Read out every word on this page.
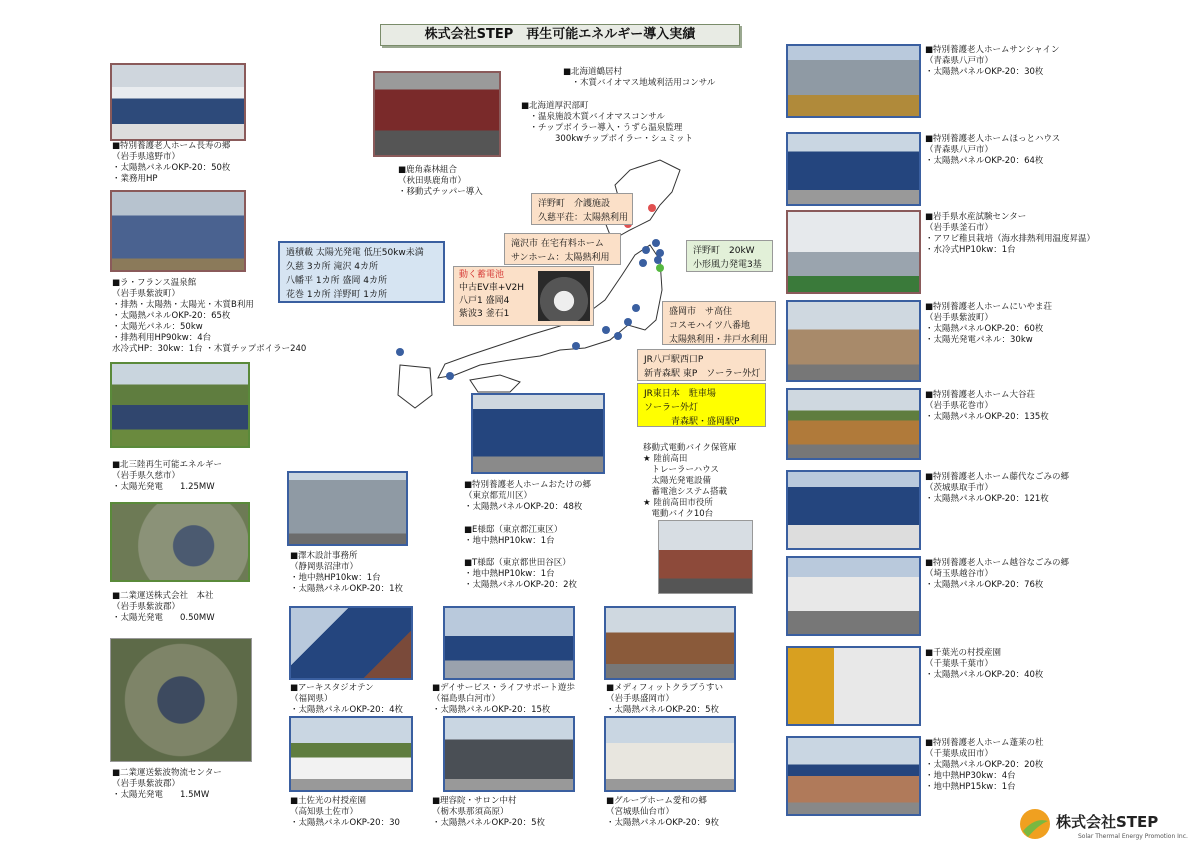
株式会社STEP　再生可能エネルギー導入実績
■特別養護老人ホーム長寿の郷
（岩手県遠野市）
・太陽熱パネルOKP-20：50枚
・業務用HP
■ラ・フランス温泉館
（岩手県紫波町）
・排熱・太陽熱・太陽光・木質B利用
・太陽熱パネルOKP-20：65枚
・太陽光パネル：50kw
・排熱利用HP90kw：4台
水冷式HP：30kw：1台 ・木質チップボイラー240
■北三陸再生可能エネルギー
（岩手県久慈市）
・太陽光発電　　1.25MW
■二業運送株式会社　本社
（岩手県紫波郡）
・太陽光発電　　0.50MW
■二業運送紫波物流センター
（岩手県紫波郡）
・太陽光発電　　1.5MW
■鹿角森林組合
（秋田県鹿角市）
・移動式チッパー導入
■北海道鶴居村
　・木質バイオマス地域利活用コンサル
■北海道厚沢部町
　・温泉施設木質バイオマスコンサル
　・チップボイラー導入・うずら温泉監理
　　　　300kwチップボイラー・シュミット
過積載 太陽光発電 低圧50kw未満
久慈 3カ所 滝沢 4カ所
八幡平 1カ所 盛岡 4カ所
花巻 1カ所 洋野町 1カ所
洋野町　介護施設
久慈平荘：太陽熱利用
滝沢市 在宅有料ホーム
サンホーム：太陽熱利用
洋野町　20kW
小形風力発電3基
動く蓄電池
中古EV車+V2H
八戸1 盛岡4
紫波3 釜石1	盛岡市　サ高住
コスモハイツ八番地
太陽熱利用・井戸水利用
JR八戸駅西口P
新青森駅 東P　ソーラー外灯
JR東日本　駐車場
ソーラー外灯
　　　青森駅・盛岡駅P
■特別養護老人ホームおたけの郷
（東京都荒川区）
・太陽熱パネルOKP-20：48枚
■E様邸（東京都江東区）
・地中熱HP10kw：1台
■T様邸（東京都世田谷区）
・地中熱HP10kw：1台
・太陽熱パネルOKP-20：2枚
■澤木設計事務所
（静岡県沼津市）
・地中熱HP10kw：1台
・太陽熱パネルOKP-20：1枚
移動式電動バイク保管庫
★ 陸前高田
　トレーラーハウス
　太陽光発電設備
　蓄電池システム搭載
★ 陸前高田市役所
　電動バイク10台
■アーキスタジオテン
（福岡県）
・太陽熱パネルOKP-20：4枚
■デイサービス・ライフサポート遊歩
（福島県白河市）
・太陽熱パネルOKP-20：15枚
■メディフィットクラブうすい
（岩手県盛岡市）
・太陽熱パネルOKP-20：5枚
■土佐光の村授産園
（高知県土佐市）
・太陽熱パネルOKP-20：30
■理容院・サロン中村
（栃木県那須高原）
・太陽熱パネルOKP-20：5枚
■グループホーム愛和の郷
（宮城県仙台市）
・太陽熱パネルOKP-20：9枚
■特別養護老人ホームサンシャイン
（青森県八戸市）
・太陽熱パネルOKP-20：30枚
■特別養護老人ホームほっとハウス
（青森県八戸市）
・太陽熱パネルOKP-20：64枚
■岩手県水産試験センター
（岩手県釜石市）
・アワビ稚貝栽培（海水排熱利用温度昇温）
・水冷式HP10kw：1台
■特別養護老人ホームにいやま荘
（岩手県紫波町）
・太陽熱パネルOKP-20：60枚
・太陽光発電パネル：30kw
■特別養護老人ホーム大谷荘
（岩手県花巻市）
・太陽熱パネルOKP-20：135枚
■特別養護老人ホーム藤代なごみの郷
（茨城県取手市）
・太陽熱パネルOKP-20：121枚
■特別養護老人ホーム越谷なごみの郷
（埼玉県越谷市）
・太陽熱パネルOKP-20：76枚
■千葉光の村授産園
（千葉県千葉市）
・太陽熱パネルOKP-20：40枚
■特別養護老人ホーム蓬莱の杜
（千葉県成田市）
・太陽熱パネルOKP-20：20枚
・地中熱HP30kw：4台
・地中熱HP15kw：1台
株式会社STEP
Solar Thermal Energy Promotion Inc.
